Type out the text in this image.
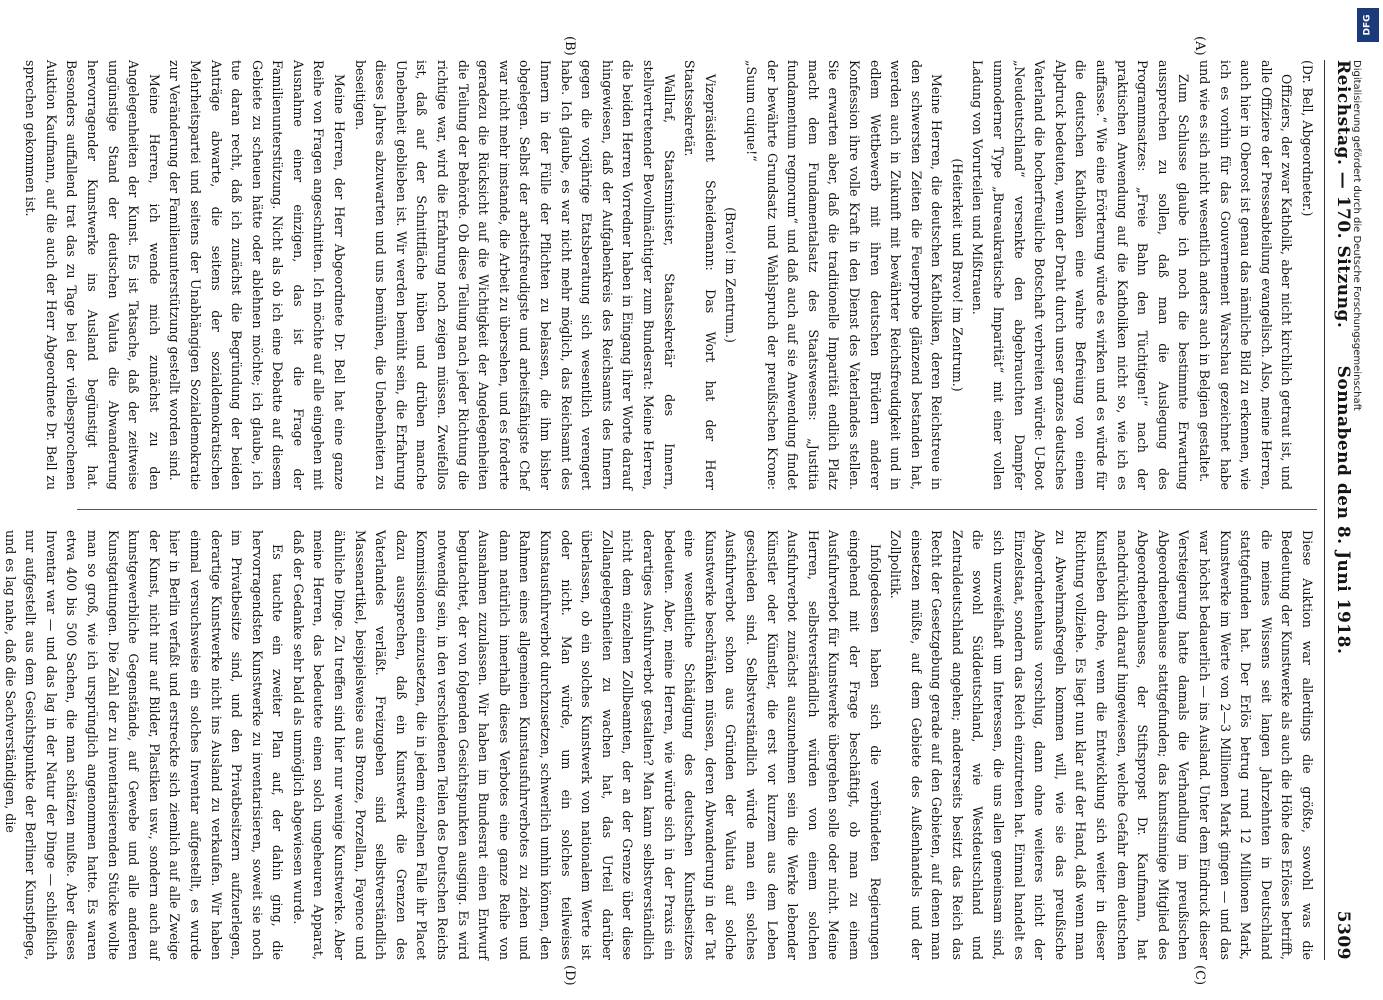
DFG
Digitalisierung gefördert durch die Deutsche Forschungsgemeinschaft
Reichstag. — 170. Sitzung.
Sonnabend den 8. Juni 1918.
5309
(A)
(B)
(C)
(D)

(Dr. Bell, Abgeordneter.)

Offiziers, der zwar Katholik, aber nicht kirchlich getraut ist, und alle Offiziere der Presseabteilung evangelisch. Also, meine Herren, auch hier in Oberost ist genau das nämliche Bild zu erkennen, wie ich es vorhin für das Gouvernement Warschau gezeichnet habe und wie es sich nicht wesentlich anders auch in Belgien gestaltet.

Zum Schlusse glaube ich noch die bestimmte Erwartung aussprechen zu sollen, daß man die Auslegung des Programmsatzes: „Freie Bahn den Tüchtigen!“ nach der praktischen Anwendung auf die Katholiken nicht so, wie ich es auffasse.“ Wie eine Erörterung würde es wirken und es würde für die deutschen Katholiken eine wahre Befreiung von einem Alpdruck bedeuten, wenn der Draht durch unser ganzes deutsches Vaterland die hocherfreuliche Botschaft verbreiten würde: U-Boot „Neudeutschland“ versenkte den abgebrauchten Dampfer unmoderner Type „Bureaukratische Imparität“ mit einer vollen Ladung von Vorurteilen und Mißtrauen.

(Heiterkeit und Bravo! im Zentrum.)

Meine Herren, die deutschen Katholiken, deren Reichstreue in den schwersten Zeiten die Feuerprobe glänzend bestanden hat, werden auch in Zukunft mit bewährter Reichsfreudigkeit und in edlem Wettbewerb mit ihren deutschen Brüdern anderer Konfession ihre volle Kraft in den Dienst des Vaterlandes stellen. Sie erwarten aber, daß die traditionelle Imparität endlich Platz macht dem Fundamentalsatz des Staatswesens: „Justitia fundamentum regnorum“ und daß auch auf sie Anwendung findet der bewährte Grundsatz und Wahlspruch der preußischen Krone: „Suum cuique!“

(Bravo! im Zentrum.)

Vizepräsident Scheidemann: Das Wort hat der Herr Staatssekretär.

Wallraf, Staatsminister, Staatssekretär des Innern, stellvertretender Bevollmächtigter zum Bundesrat: Meine Herren, die beiden Herren Vorredner haben in Eingang ihrer Worte darauf hingewiesen, daß der Aufgabenkreis des Reichsamts des Innern gegen die vorjährige Etatsberatung sich wesentlich verengert habe. Ich glaube, es war nicht mehr möglich, das Reichsamt des Innern in der Fülle der Pflichten zu belassen, die ihm bisher obgelegen. Selbst der arbeitsfreudigste und arbeitsfähigste Chef war nicht mehr imstande, die Arbeit zu übersehen, und es forderte geradezu die Rücksicht auf die Wichtigkeit der Angelegenheiten die Teilung der Behörde. Ob diese Teilung nach jeder Richtung die richtige war, wird die Erfahrung noch zeigen müssen. Zweifellos ist, daß auf der Schnittfläche hüben und drüben manche Unebenheit geblieben ist. Wir werden bemüht sein, die Erfahrung dieses Jahres abzuwarten und uns bemühen, die Unebenheiten zu beseitigen.

Meine Herren, der Herr Abgeordnete Dr. Bell hat eine ganze Reihe von Fragen angeschnitten. Ich möchte auf alle eingehen mit Ausnahme einer einzigen, das ist die Frage der Familienunterstützung. Nicht als ob ich eine Debatte auf diesem Gebiete zu scheuen hätte oder ablehnen möchte; ich glaube, ich tue daran recht, daß ich zunächst die Begründung der beiden Anträge abwarte, die seitens der sozialdemokratischen Mehrheitspartei und seitens der Unabhängigen Sozialdemokratie zur Veränderung der Familienunterstützung gestellt worden sind.

Meine Herren, ich wende mich zunächst zu den Angelegenheiten der Kunst. Es ist Tatsache, daß der zeitweise ungünstige Stand der deutschen Valuta die Abwanderung hervorragender Kunstwerke ins Ausland begünstigt hat. Besonders auffallend trat das zu Tage bei der vielbesprochenen Auktion Kaufmann, auf die auch der Herr Abgeordnete Dr. Bell zu sprechen gekommen ist.

Diese Auktion war allerdings die größte, sowohl was die Bedeutung der Kunstwerke als auch die Höhe des Erlöses betrifft, die meines Wissens seit langen Jahrzehnten in Deutschland stattgefunden hat. Der Erlös betrug rund 12 Millionen Mark, Kunstwerke im Werte von 2—3 Millionen Mark gingen — und das war höchst bedauerlich — ins Ausland. Unter dem Eindruck dieser Versteigerung hatte damals die Verhandlung im preußischen Abgeordnetenhause stattgefunden; das kunstsinnige Mitglied des Abgeordnetenhauses, der Stiftspropst Dr. Kaufmann, hat nachdrücklich darauf hingewiesen, welche Gefahr dem deutschen Kunstleben drohe, wenn die Entwicklung sich weiter in dieser Richtung vollziehe. Es liegt nun klar auf der Hand, daß wenn man zu Abwehrmaßregeln kommen will, wie sie das preußische Abgeordnetenhaus vorschlug, dann ohne weiteres nicht der Einzelstaat, sondern das Reich einzutreten hat. Einmal handelt es sich unzweifelhaft um Interessen, die uns allen gemeinsam sind, die sowohl Süddeutschland, wie Westdeutschland und Zentraldeutschland angehen; andererseits besitzt das Reich das Recht der Gesetzgebung gerade auf den Gebieten, auf denen man einsetzen müßte, auf dem Gebiete des Außenhandels und der Zollpolitik.

Infolgedessen haben sich die verbündeten Regierungen eingehend mit der Frage beschäftigt, ob man zu einem Ausfuhrverbot für Kunstwerke übergehen solle oder nicht. Meine Herren, selbstverständlich würden von einem solchen Ausfuhrverbot zunächst auszunehmen sein die Werke lebender Künstler oder Künstler, die erst vor kurzem aus dem Leben geschieden sind. Selbstverständlich würde man ein solches Ausfuhrverbot schon aus Gründen der Valuta auf solche Kunstwerke beschränken müssen, deren Abwanderung in der Tat eine wesentliche Schädigung des deutschen Kunstbesitzes bedeuten. Aber, meine Herren, wie würde sich in der Praxis ein derartiges Ausfuhrverbot gestalten? Man kann selbstverständlich nicht dem einzelnen Zollbeamten, der an der Grenze über diese Zollangelegenheiten zu wachen hat, das Urteil darüber überlassen, ob ein solches Kunstwerk von nationalem Werte ist oder nicht. Man würde, um ein solches teilweises Kunstausfuhrverbot durchzusetzen, schwerlich umhin können, den Rahmen eines allgemeinen Kunstausfuhrverbotes zu ziehen und dann natürlich innerhalb dieses Verbotes eine ganze Reihe von Ausnahmen zuzulassen. Wir haben im Bundesrat einen Entwurf begutachtet, der von folgenden Gesichtspunkten ausging. Es wird notwendig sein, in den verschiedenen Teilen des Deutschen Reichs Kommissionen einzusetzen, die in jedem einzelnen Falle ihr Placet dazu aussprechen, daß ein Kunstwerk die Grenzen des Vaterlandes verläßt. Freizugeben sind selbstverständlich Massenartikel, beispielsweise aus Bronze, Porzellan, Fayence und ähnliche Dinge. Zu treffen sind hier nur wenige Kunstwerke. Aber meine Herren, das bedeutete einen solch ungeheuren Apparat, daß der Gedanke sehr bald als unmöglich abgewiesen wurde.

Es tauchte ein zweiter Plan auf, der dahin ging, die hervorragendsten Kunstwerke zu inventarisieren, soweit sie noch im Privatbesitze sind, und den Privatbesitzern aufzuerlegen, derartige Kunstwerke nicht ins Ausland zu verkaufen. Wir haben einmal versuchsweise ein solches Inventar aufgestellt, es wurde hier in Berlin verfaßt und erstreckte sich ziemlich auf alle Zweige der Kunst, nicht nur auf Bilder, Plastiken usw., sondern auch auf kunstgewerbliche Gegenstände, auf Gewebe und alle anderen Kunstgattungen. Die Zahl der zu inventarisierenden Stücke wollte man so groß, wie ich ursprünglich angenommen hatte. Es waren etwa 400 bis 500 Sachen, die man schätzen mußte. Aber dieses Inventar war — und das lag in der Natur der Dinge — schließlich nur aufgestellt aus dem Gesichtspunkte der Berliner Kunstpflege, und es lag nahe, daß die Sachverständigen, die
